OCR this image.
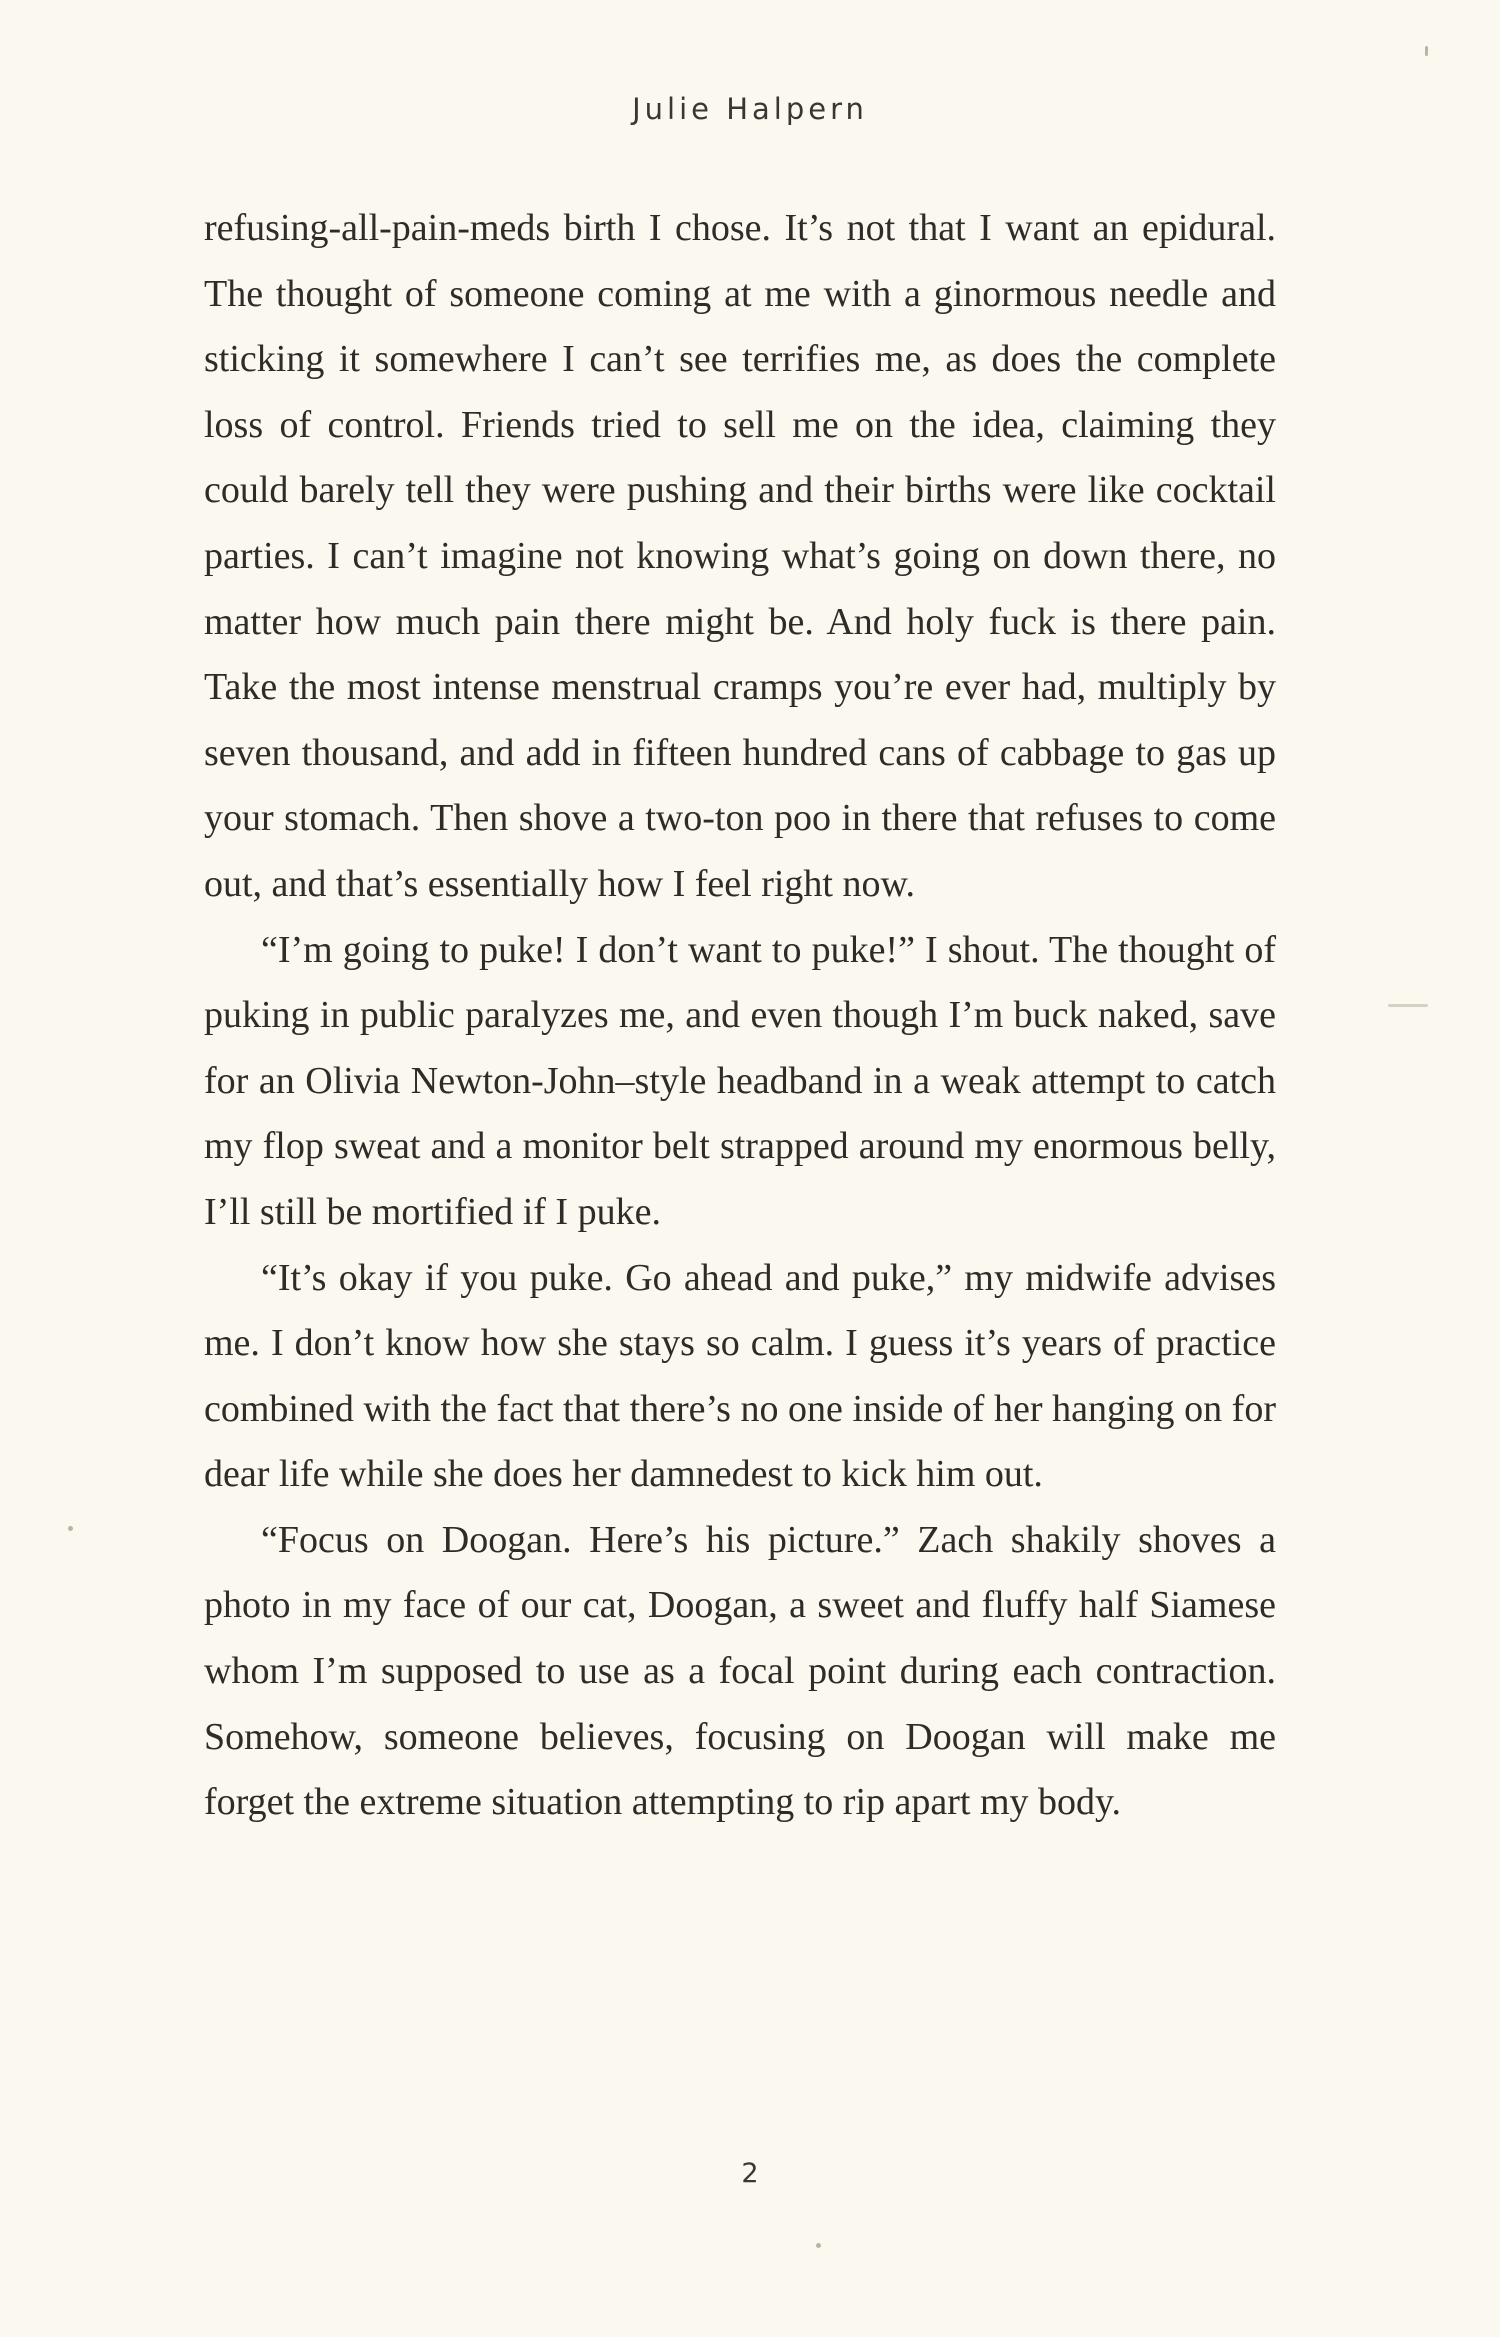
Julie Halpern

refusing-all-pain-meds birth I chose. It’s not that I want an epidural. The thought of someone coming at me with a ginormous needle and sticking it somewhere I can’t see terrifies me, as does the complete loss of control. Friends tried to sell me on the idea, claiming they could barely tell they were pushing and their births were like cocktail parties. I can’t imagine not knowing what’s going on down there, no matter how much pain there might be. And holy fuck is there pain. Take the most intense menstrual cramps you’re ever had, multiply by seven thousand, and add in fifteen hundred cans of cabbage to gas up your stomach. Then shove a two-ton poo in there that refuses to come out, and that’s essentially how I feel right now.

“I’m going to puke! I don’t want to puke!” I shout. The thought of puking in public paralyzes me, and even though I’m buck naked, save for an Olivia Newton-John–style headband in a weak attempt to catch my flop sweat and a monitor belt strapped around my enormous belly, I’ll still be mortified if I puke.

“It’s okay if you puke. Go ahead and puke,” my midwife advises me. I don’t know how she stays so calm. I guess it’s years of practice combined with the fact that there’s no one inside of her hanging on for dear life while she does her damnedest to kick him out.

“Focus on Doogan. Here’s his picture.” Zach shakily shoves a photo in my face of our cat, Doogan, a sweet and fluffy half Siamese whom I’m supposed to use as a focal point during each contraction. Somehow, someone believes, focusing on Doogan will make me forget the extreme situation attempting to rip apart my body.

2
